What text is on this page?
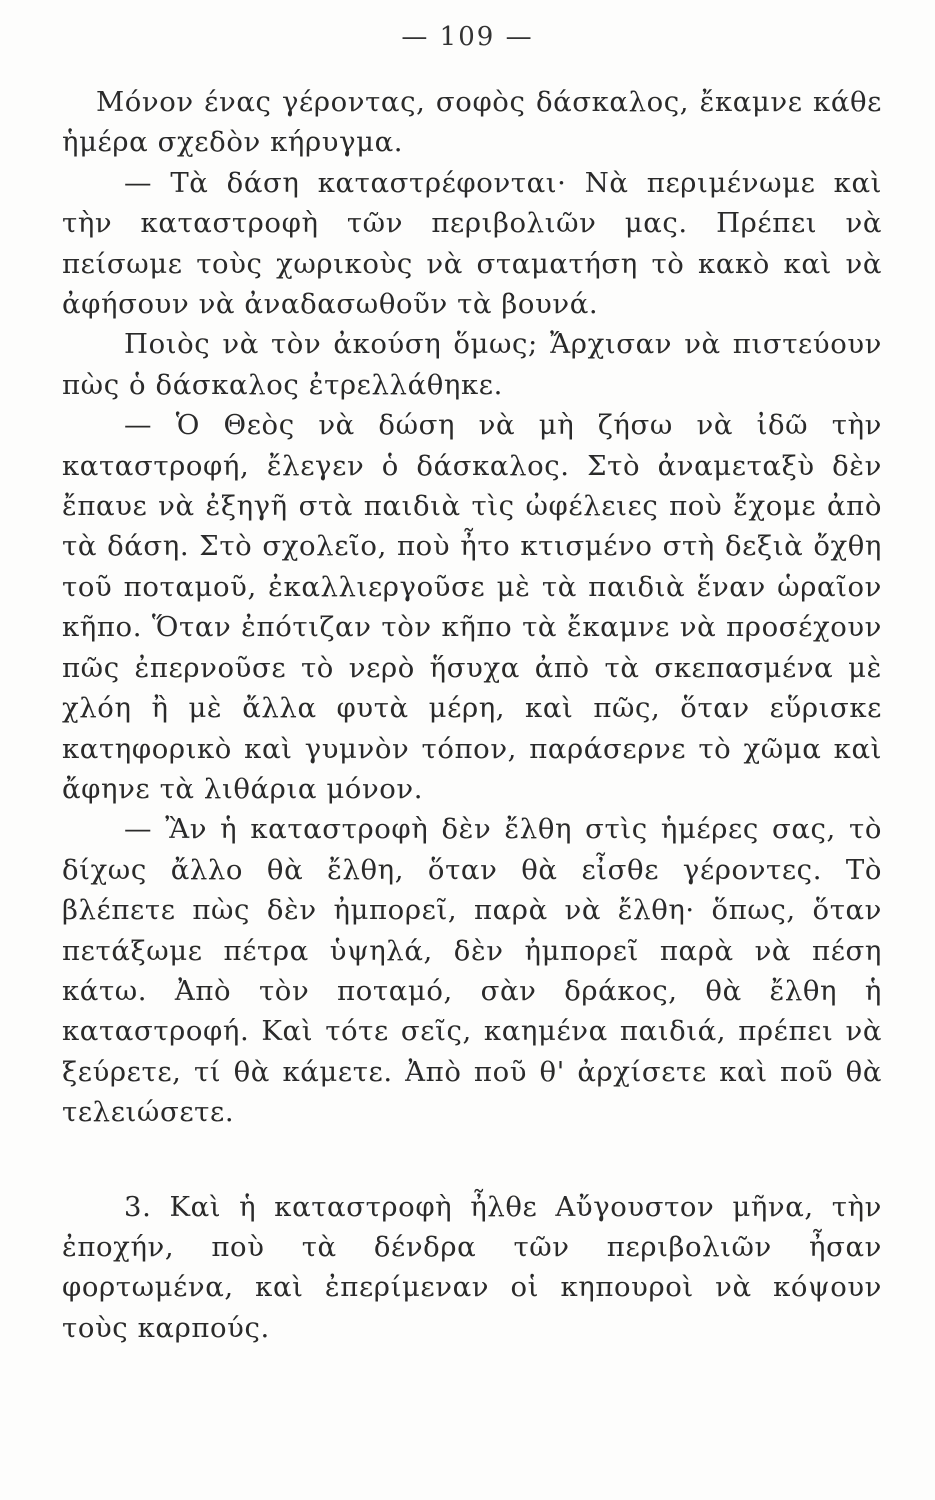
— 109 —

Μόνον ένας γέροντας, σοφὸς δάσκαλος, ἔκαμνε κάθε ἡμέρα σχεδὸν κήρυγμα.

— Τὰ δάση καταστρέφονται· Νὰ περιμένωμε καὶ τὴν καταστροφὴ τῶν περιβολιῶν μας. Πρέπει νὰ πείσωμε τοὺς χωρικοὺς νὰ σταματήση τὸ κακὸ καὶ νὰ ἀφήσουν νὰ ἀναδασωθοῦν τὰ βουνά.

Ποιὸς νὰ τὸν ἀκούση ὅμως; Ἄρχισαν νὰ πιστεύουν πὼς ὁ δάσκαλος ἐτρελλάθηκε.

— Ὁ Θεὸς νὰ δώση νὰ μὴ ζήσω νὰ ἰδῶ τὴν καταστροφή, ἔλεγεν ὁ δάσκαλος. Στὸ ἀναμεταξὺ δὲν ἔπαυε νὰ ἐξηγῆ στὰ παιδιὰ τὶς ὠφέλειες ποὺ ἔχομε ἀπὸ τὰ δάση. Στὸ σχολεῖο, ποὺ ἦτο κτισμένο στὴ δεξιὰ ὄχθη τοῦ ποταμοῦ, ἐκαλλιεργοῦσε μὲ τὰ παιδιὰ ἕναν ὡραῖον κῆπο. Ὅταν ἐπότιζαν τὸν κῆπο τὰ ἔκαμνε νὰ προσέχουν πῶς ἐπερνοῦσε τὸ νερὸ ἥσυχα ἀπὸ τὰ σκεπασμένα μὲ χλόη ἢ μὲ ἄλλα φυτὰ μέρη, καὶ πῶς, ὅταν εὕρισκε κατηφορικὸ καὶ γυμνὸν τόπον, παράσερνε τὸ χῶμα καὶ ἄφηνε τὰ λιθάρια μόνον.

— Ἂν ἡ καταστροφὴ δὲν ἔλθη στὶς ἡμέρες σας, τὸ δίχως ἄλλο θὰ ἔλθη, ὅταν θὰ εἶσθε γέροντες. Τὸ βλέπετε πὼς δὲν ἠμπορεῖ, παρὰ νὰ ἔλθη· ὅπως, ὅταν πετάξωμε πέτρα ὑψηλά, δὲν ἠμπορεῖ παρὰ νὰ πέση κάτω. Ἀπὸ τὸν ποταμό, σὰν δράκος, θὰ ἔλθη ἡ καταστροφή. Καὶ τότε σεῖς, καημένα παιδιά, πρέπει νὰ ξεύρετε, τί θὰ κάμετε. Ἀπὸ ποῦ θ' ἀρχίσετε καὶ ποῦ θὰ τελειώσετε.

3. Καὶ ἡ καταστροφὴ ἦλθε Αὔγουστον μῆνα, τὴν ἐποχήν, ποὺ τὰ δένδρα τῶν περιβολιῶν ἦσαν φορτωμένα, καὶ ἐπερίμεναν οἱ κηπουροὶ νὰ κόψουν τοὺς καρπούς.
